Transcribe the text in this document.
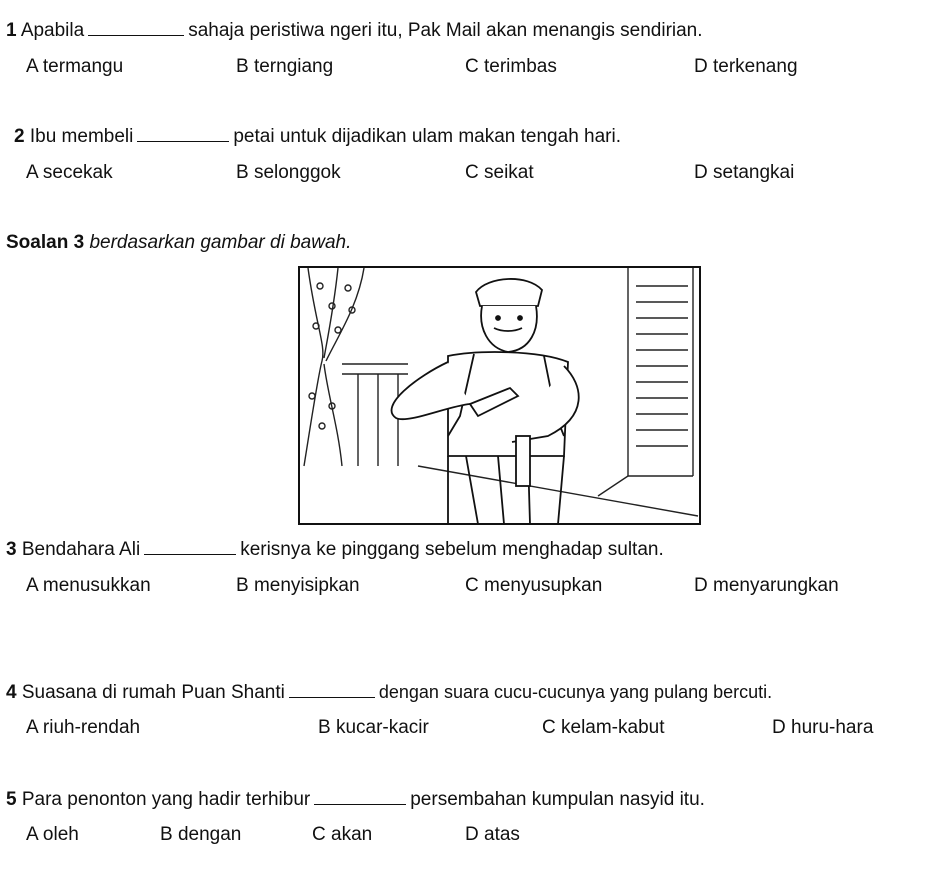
1 Apabila	sahaja peristiwa ngeri itu, Pak Mail akan menangis sendirian.
A termangu	B terngiang	C terimbas	D terkenang
2 Ibu membeli	petai untuk dijadikan ulam makan tengah hari.
A secekak	B selonggok	C seikat	D setangkai
Soalan 3 berdasarkan gambar di bawah.
3 Bendahara Ali	kerisnya ke pinggang sebelum menghadap sultan.
A menusukkan	B menyisipkan	C menyusupkan	D menyarungkan
4 Suasana di rumah Puan Shanti	dengan suara cucu-cucunya yang pulang bercuti.
A riuh-rendah	B kucar-kacir	C kelam-kabut	D huru-hara
5 Para penonton yang hadir terhibur	persembahan kumpulan nasyid itu.
A oleh	B dengan	C akan	D atas
